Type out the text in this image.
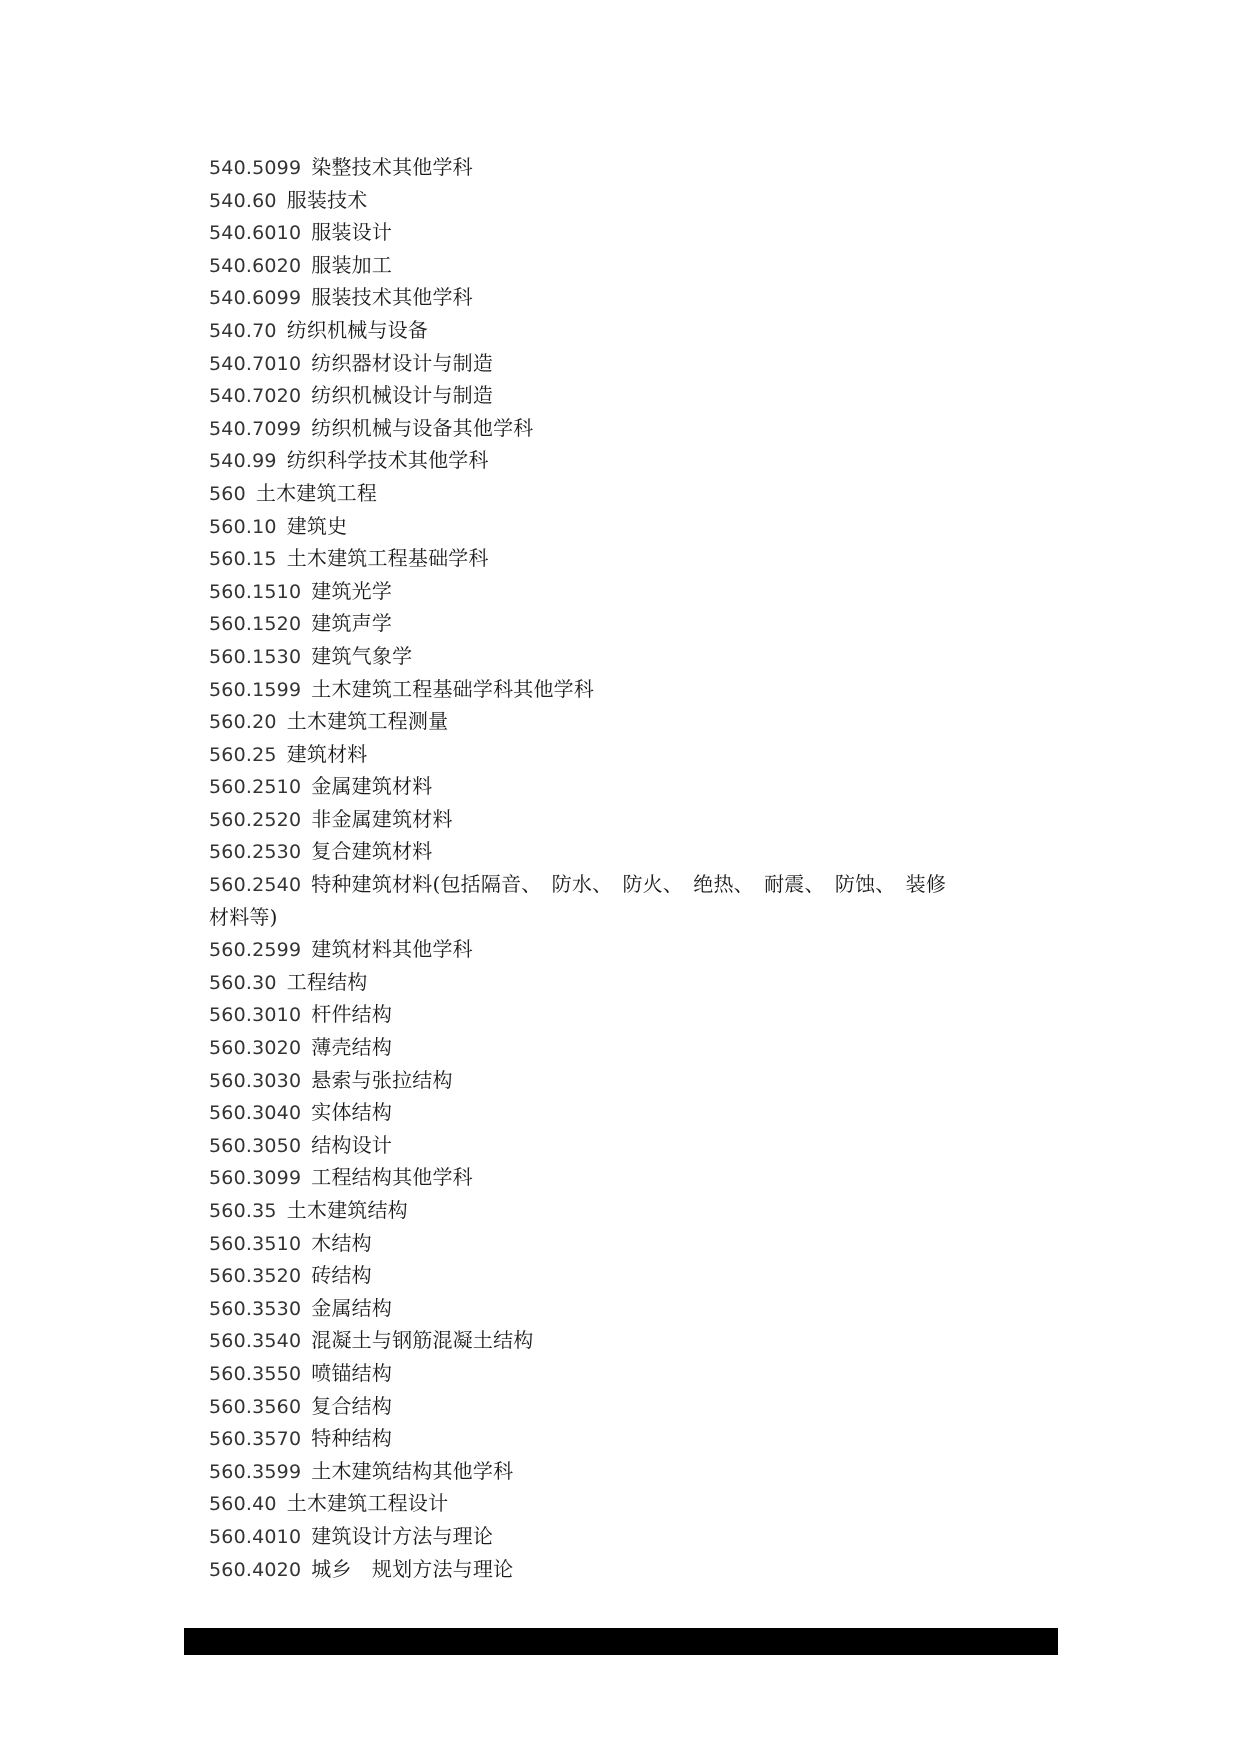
540.5099 染整技术其他学科
540.60 服装技术
540.6010 服装设计
540.6020 服装加工
540.6099 服装技术其他学科
540.70 纺织机械与设备
540.7010 纺织器材设计与制造
540.7020 纺织机械设计与制造
540.7099 纺织机械与设备其他学科
540.99 纺织科学技术其他学科
560 土木建筑工程
560.10 建筑史
560.15 土木建筑工程基础学科
560.1510 建筑光学
560.1520 建筑声学
560.1530 建筑气象学
560.1599 土木建筑工程基础学科其他学科
560.20 土木建筑工程测量
560.25 建筑材料
560.2510 金属建筑材料
560.2520 非金属建筑材料
560.2530 复合建筑材料
560.2540 特种建筑材料(包括隔音、　防水、　防火、　绝热、　耐震、　防蚀、　装修
材料等)
560.2599 建筑材料其他学科
560.30 工程结构
560.3010 杆件结构
560.3020 薄壳结构
560.3030 悬索与张拉结构
560.3040 实体结构
560.3050 结构设计
560.3099 工程结构其他学科
560.35 土木建筑结构
560.3510 木结构
560.3520 砖结构
560.3530 金属结构
560.3540 混凝土与钢筋混凝土结构
560.3550 喷锚结构
560.3560 复合结构
560.3570 特种结构
560.3599 土木建筑结构其他学科
560.40 土木建筑工程设计
560.4010 建筑设计方法与理论
560.4020 城乡　规划方法与理论

第 4 页　/总页数　27　页
